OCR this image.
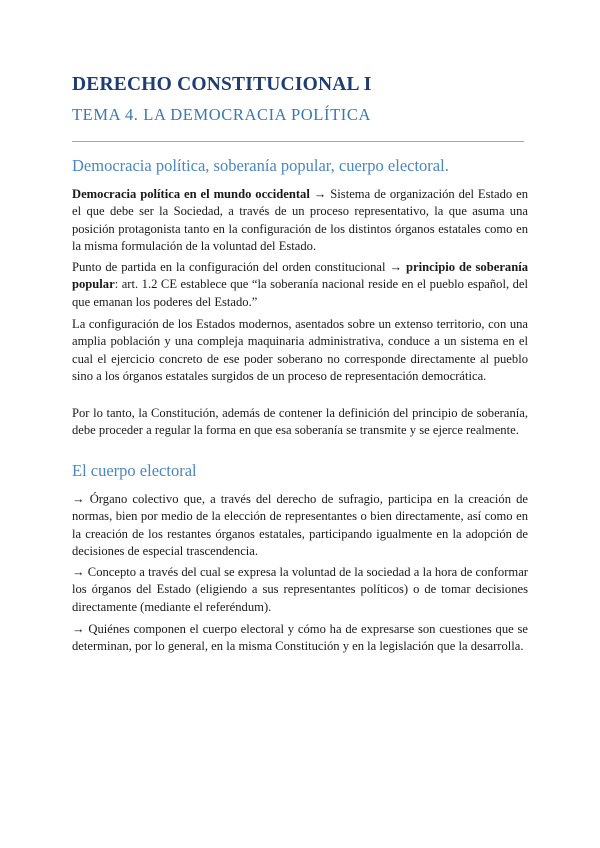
DERECHO CONSTITUCIONAL I
TEMA 4. LA DEMOCRACIA POLÍTICA
Democracia política, soberanía popular, cuerpo electoral.
Democracia política en el mundo occidental → Sistema de organización del Estado en el que debe ser la Sociedad, a través de un proceso representativo, la que asuma una posición protagonista tanto en la configuración de los distintos órganos estatales como en la misma formulación de la voluntad del Estado.
Punto de partida en la configuración del orden constitucional → principio de soberanía popular: art. 1.2 CE establece que “la soberanía nacional reside en el pueblo español, del que emanan los poderes del Estado.”
La configuración de los Estados modernos, asentados sobre un extenso territorio, con una amplia población y una compleja maquinaria administrativa, conduce a un sistema en el cual el ejercicio concreto de ese poder soberano no corresponde directamente al pueblo sino a los órganos estatales surgidos de un proceso de representación democrática.
Por lo tanto, la Constitución, además de contener la definición del principio de soberanía, debe proceder a regular la forma en que esa soberanía se transmite y se ejerce realmente.
El cuerpo electoral
→ Órgano colectivo que, a través del derecho de sufragio, participa en la creación de normas, bien por medio de la elección de representantes o bien directamente, así como en la creación de los restantes órganos estatales, participando igualmente en la adopción de decisiones de especial trascendencia.
→ Concepto a través del cual se expresa la voluntad de la sociedad a la hora de conformar los órganos del Estado (eligiendo a sus representantes políticos) o de tomar decisiones directamente (mediante el referéndum).
→ Quiénes componen el cuerpo electoral y cómo ha de expresarse son cuestiones que se determinan, por lo general, en la misma Constitución y en la legislación que la desarrolla.
